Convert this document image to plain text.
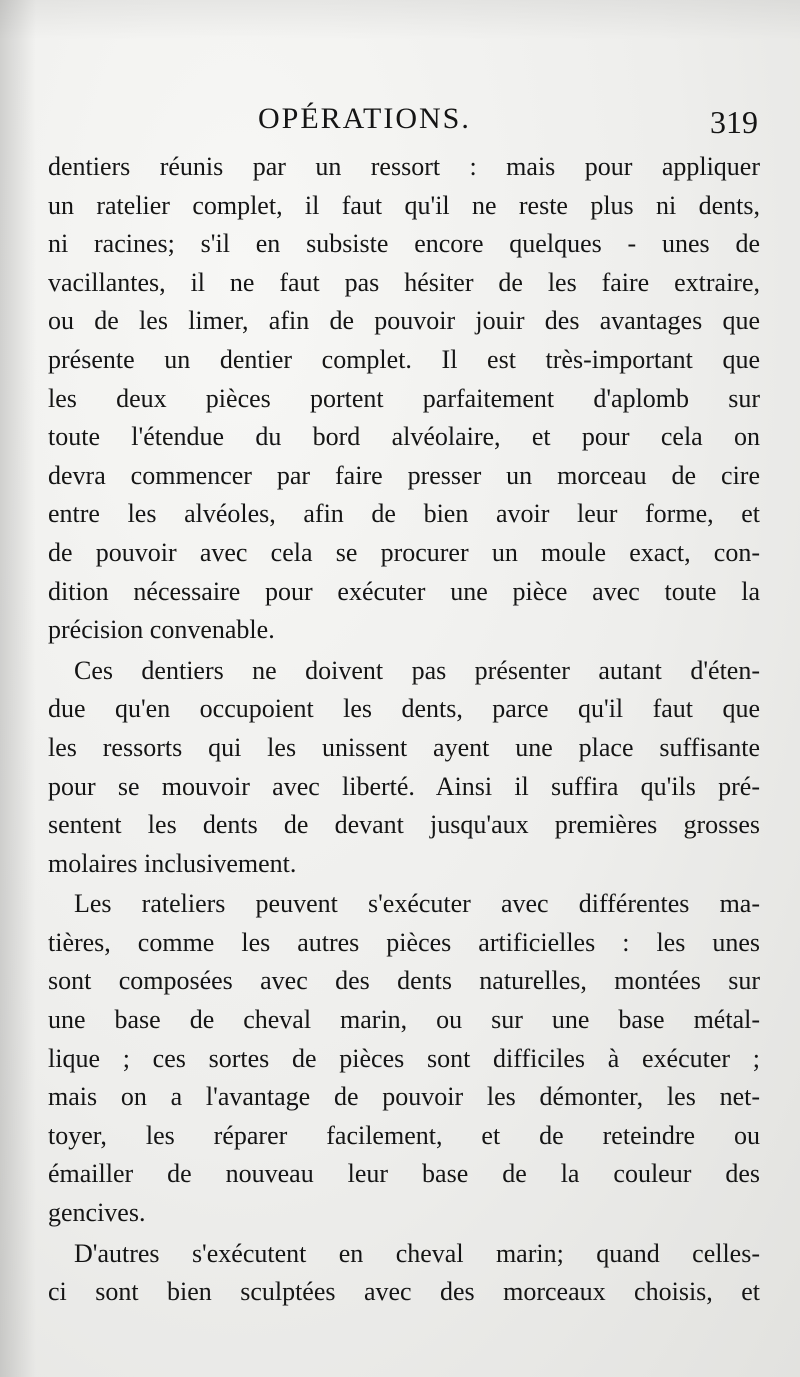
OPÉRATIONS.	319
dentiers réunis par un ressort : mais pour appliquer
un ratelier complet, il faut qu'il ne reste plus ni dents,
ni racines; s'il en subsiste encore quelques - unes de
vacillantes, il ne faut pas hésiter de les faire extraire,
ou de les limer, afin de pouvoir jouir des avantages que
présente un dentier complet. Il est très-important que
les deux pièces portent parfaitement d'aplomb sur
toute l'étendue du bord alvéolaire, et pour cela on
devra commencer par faire presser un morceau de cire
entre les alvéoles, afin de bien avoir leur forme, et
de pouvoir avec cela se procurer un moule exact, con-
dition nécessaire pour exécuter une pièce avec toute la
précision convenable.
Ces dentiers ne doivent pas présenter autant d'éten-
due qu'en occupoient les dents, parce qu'il faut que
les ressorts qui les unissent ayent une place suffisante
pour se mouvoir avec liberté. Ainsi il suffira qu'ils pré-
sentent les dents de devant jusqu'aux premières grosses
molaires inclusivement.
Les rateliers peuvent s'exécuter avec différentes ma-
tières, comme les autres pièces artificielles : les unes
sont composées avec des dents naturelles, montées sur
une base de cheval marin, ou sur une base métal-
lique ; ces sortes de pièces sont difficiles à exécuter ;
mais on a l'avantage de pouvoir les démonter, les net-
toyer, les réparer facilement, et de reteindre ou
émailler de nouveau leur base de la couleur des
gencives.
D'autres s'exécutent en cheval marin; quand celles-
ci sont bien sculptées avec des morceaux choisis, et
